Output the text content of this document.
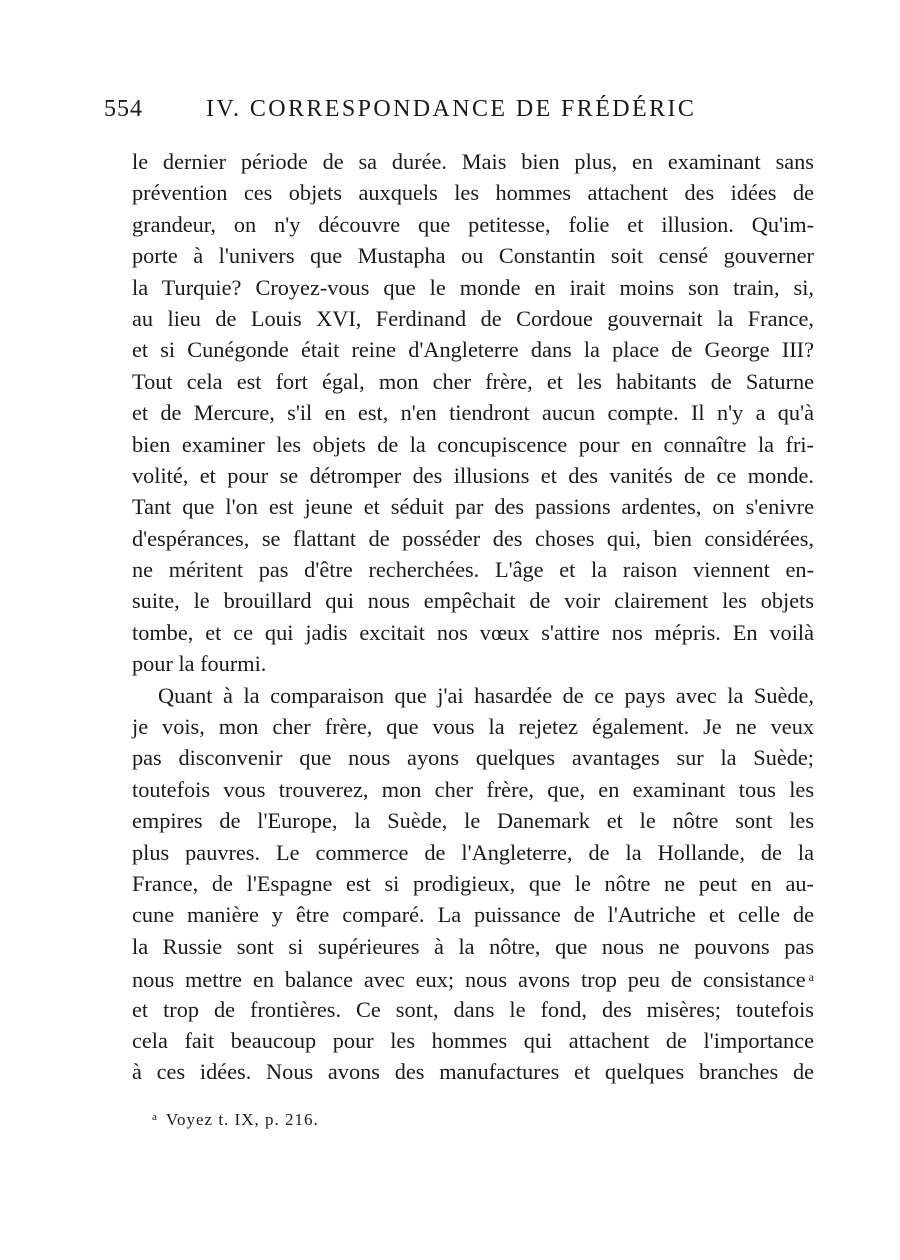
554	IV. CORRESPONDANCE DE FRÉDÉRIC
le dernier période de sa durée. Mais bien plus, en examinant sans
prévention ces objets auxquels les hommes attachent des idées de
grandeur, on n'y découvre que petitesse, folie et illusion. Qu'im-
porte à l'univers que Mustapha ou Constantin soit censé gouverner
la Turquie? Croyez-vous que le monde en irait moins son train, si,
au lieu de Louis XVI, Ferdinand de Cordoue gouvernait la France,
et si Cunégonde était reine d'Angleterre dans la place de George III?
Tout cela est fort égal, mon cher frère, et les habitants de Saturne
et de Mercure, s'il en est, n'en tiendront aucun compte. Il n'y a qu'à
bien examiner les objets de la concupiscence pour en connaître la fri-
volité, et pour se détromper des illusions et des vanités de ce monde.
Tant que l'on est jeune et séduit par des passions ardentes, on s'enivre
d'espérances, se flattant de posséder des choses qui, bien considérées,
ne méritent pas d'être recherchées. L'âge et la raison viennent en-
suite, le brouillard qui nous empêchait de voir clairement les objets
tombe, et ce qui jadis excitait nos vœux s'attire nos mépris. En voilà
pour la fourmi.
Quant à la comparaison que j'ai hasardée de ce pays avec la Suède,
je vois, mon cher frère, que vous la rejetez également. Je ne veux
pas disconvenir que nous ayons quelques avantages sur la Suède;
toutefois vous trouverez, mon cher frère, que, en examinant tous les
empires de l'Europe, la Suède, le Danemark et le nôtre sont les
plus pauvres. Le commerce de l'Angleterre, de la Hollande, de la
France, de l'Espagne est si prodigieux, que le nôtre ne peut en au-
cune manière y être comparé. La puissance de l'Autriche et celle de
la Russie sont si supérieures à la nôtre, que nous ne pouvons pas
nous mettre en balance avec eux; nous avons trop peu de consistance $^a$
et trop de frontières. Ce sont, dans le fond, des misères; toutefois
cela fait beaucoup pour les hommes qui attachent de l'importance
à ces idées. Nous avons des manufactures et quelques branches de
$^a$ Voyez t. IX, p. 216.
